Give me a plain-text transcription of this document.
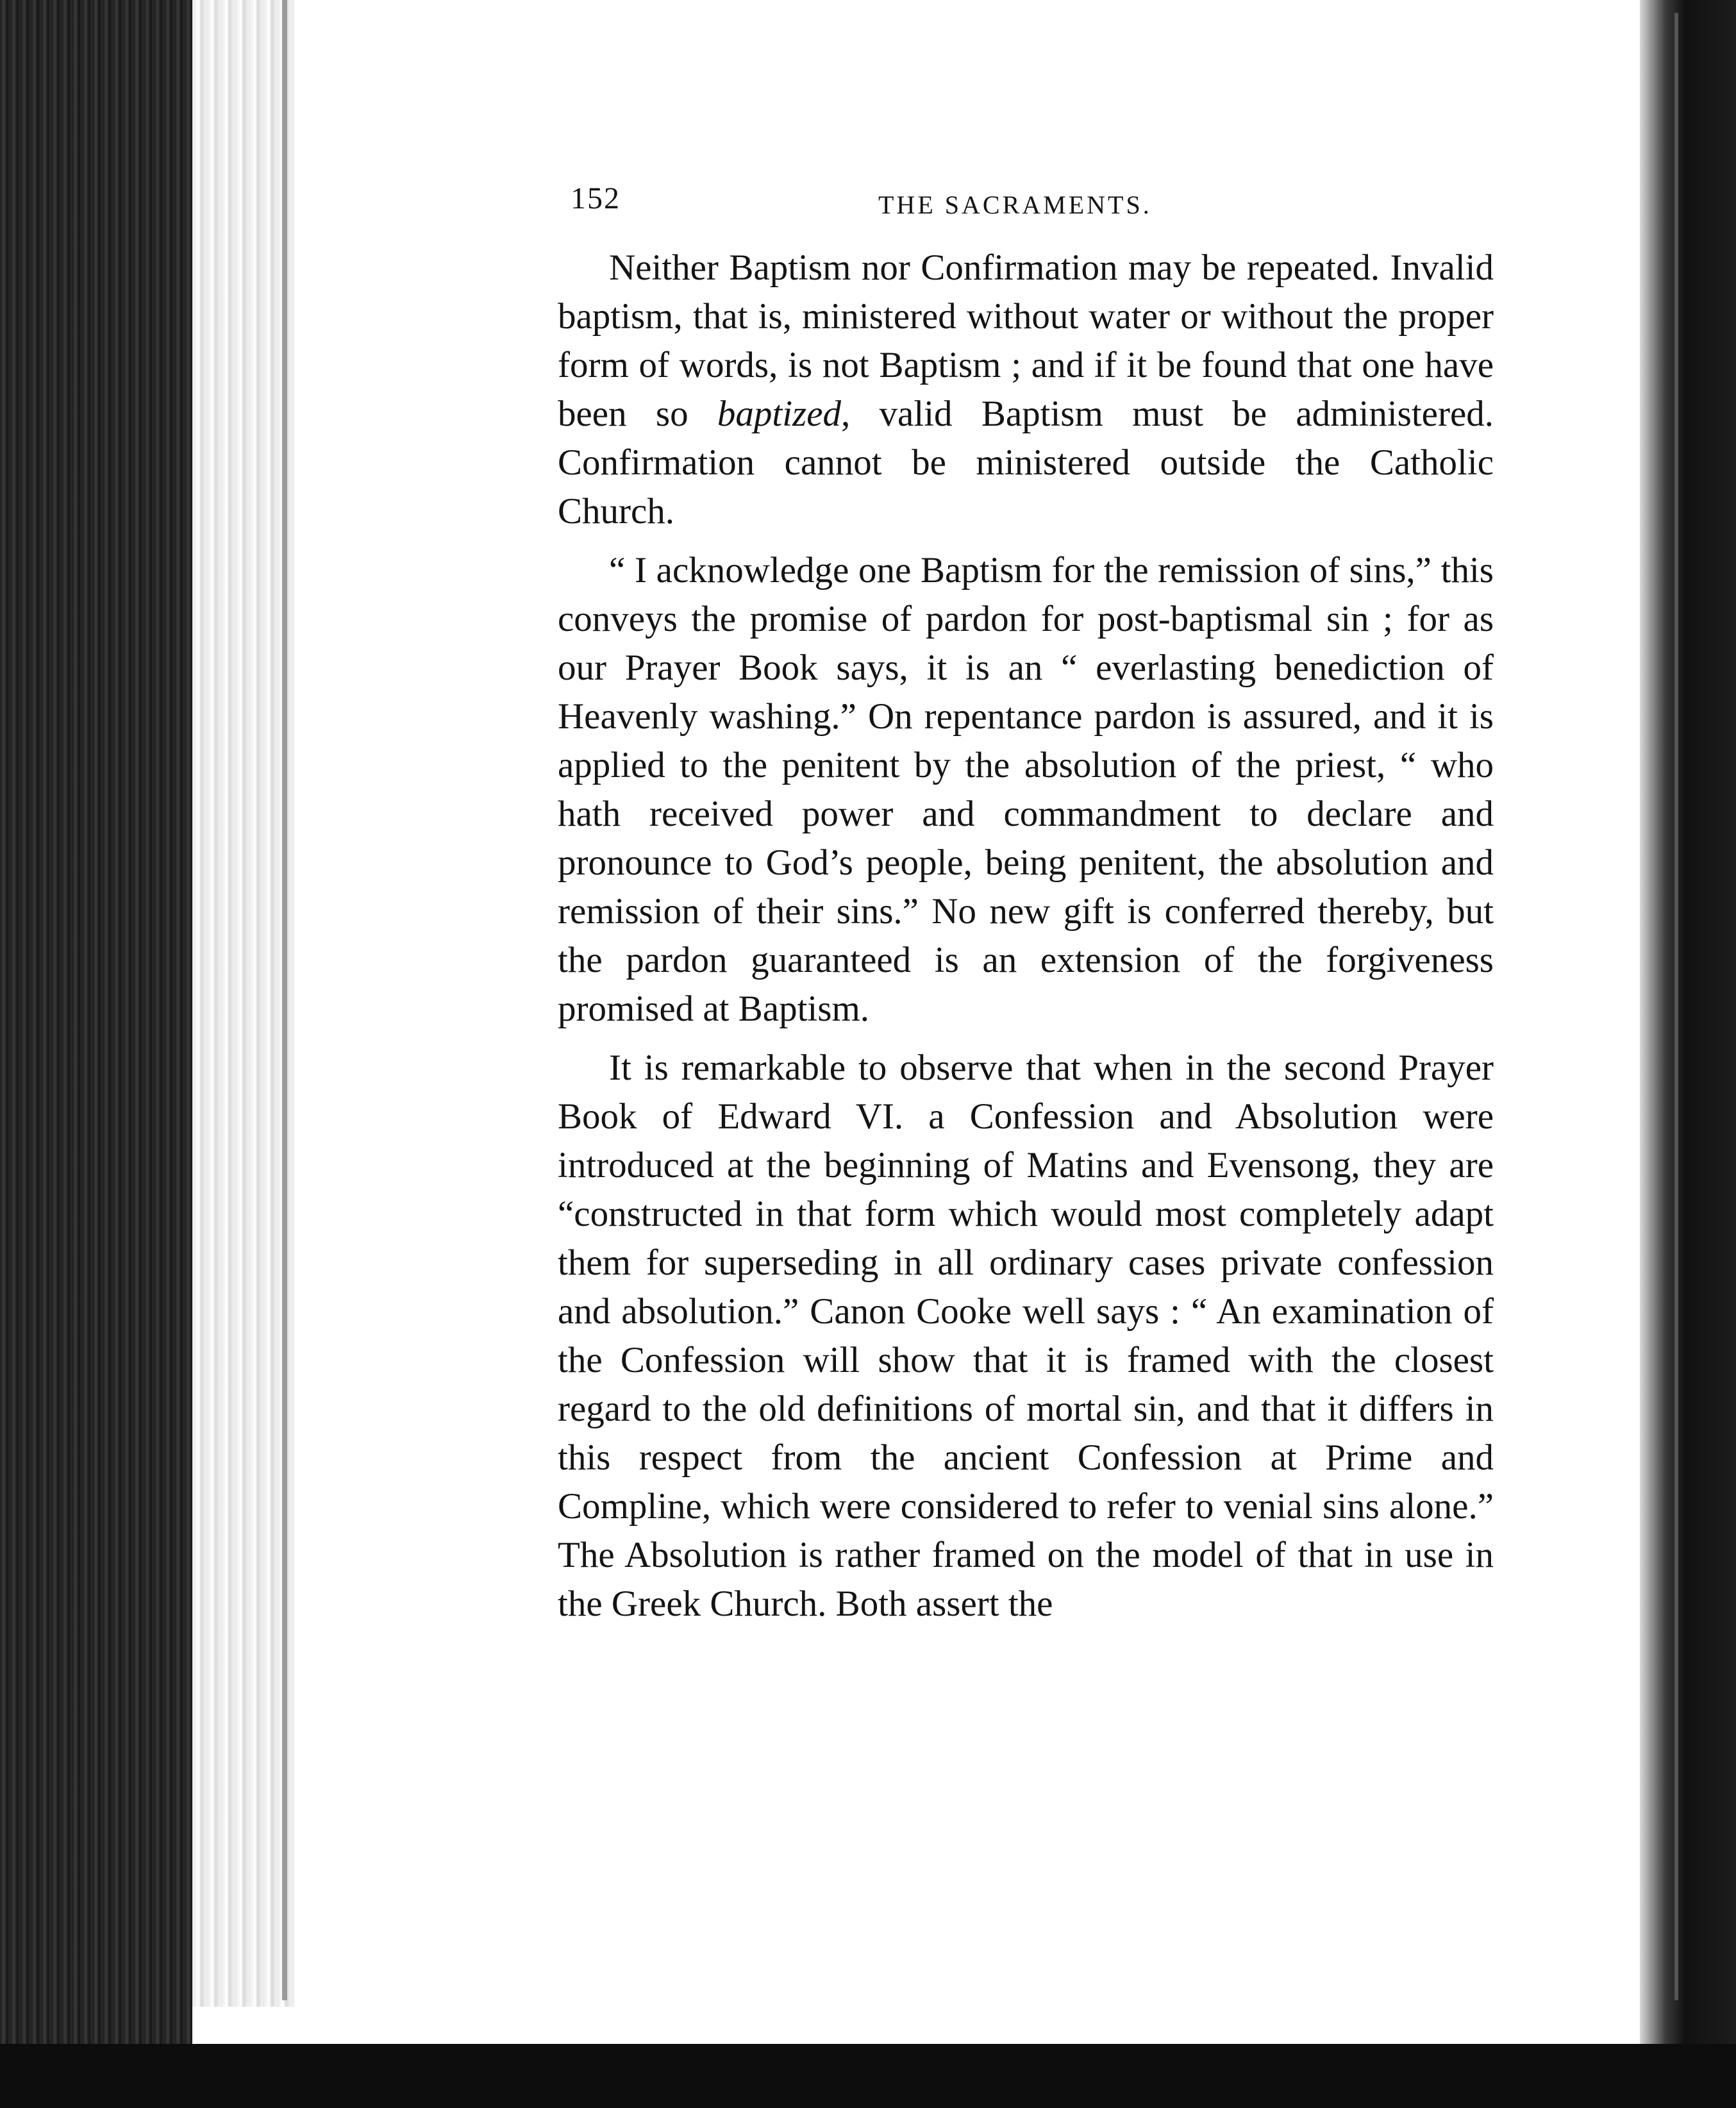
152	THE SACRAMENTS.

Neither Baptism nor Confirmation may be repeated. Invalid baptism, that is, ministered without water or without the proper form of words, is not Baptism ; and if it be found that one have been so baptized, valid Baptism must be administered. Confirmation cannot be ministered outside the Catholic Church.

“ I acknowledge one Baptism for the remission of sins,” this conveys the promise of pardon for post-baptismal sin ; for as our Prayer Book says, it is an “ everlasting benediction of Heavenly washing.” On repentance pardon is assured, and it is applied to the penitent by the absolution of the priest, “ who hath received power and commandment to declare and pronounce to God’s people, being penitent, the absolution and remission of their sins.” No new gift is conferred thereby, but the pardon guaranteed is an extension of the forgiveness promised at Baptism.

It is remarkable to observe that when in the second Prayer Book of Edward VI. a Confession and Absolution were introduced at the beginning of Matins and Evensong, they are “constructed in that form which would most completely adapt them for superseding in all ordinary cases private confession and absolution.” Canon Cooke well says : “ An examination of the Confession will show that it is framed with the closest regard to the old definitions of mortal sin, and that it differs in this respect from the ancient Confession at Prime and Compline, which were considered to refer to venial sins alone.” The Absolution is rather framed on the model of that in use in the Greek Church. Both assert the
